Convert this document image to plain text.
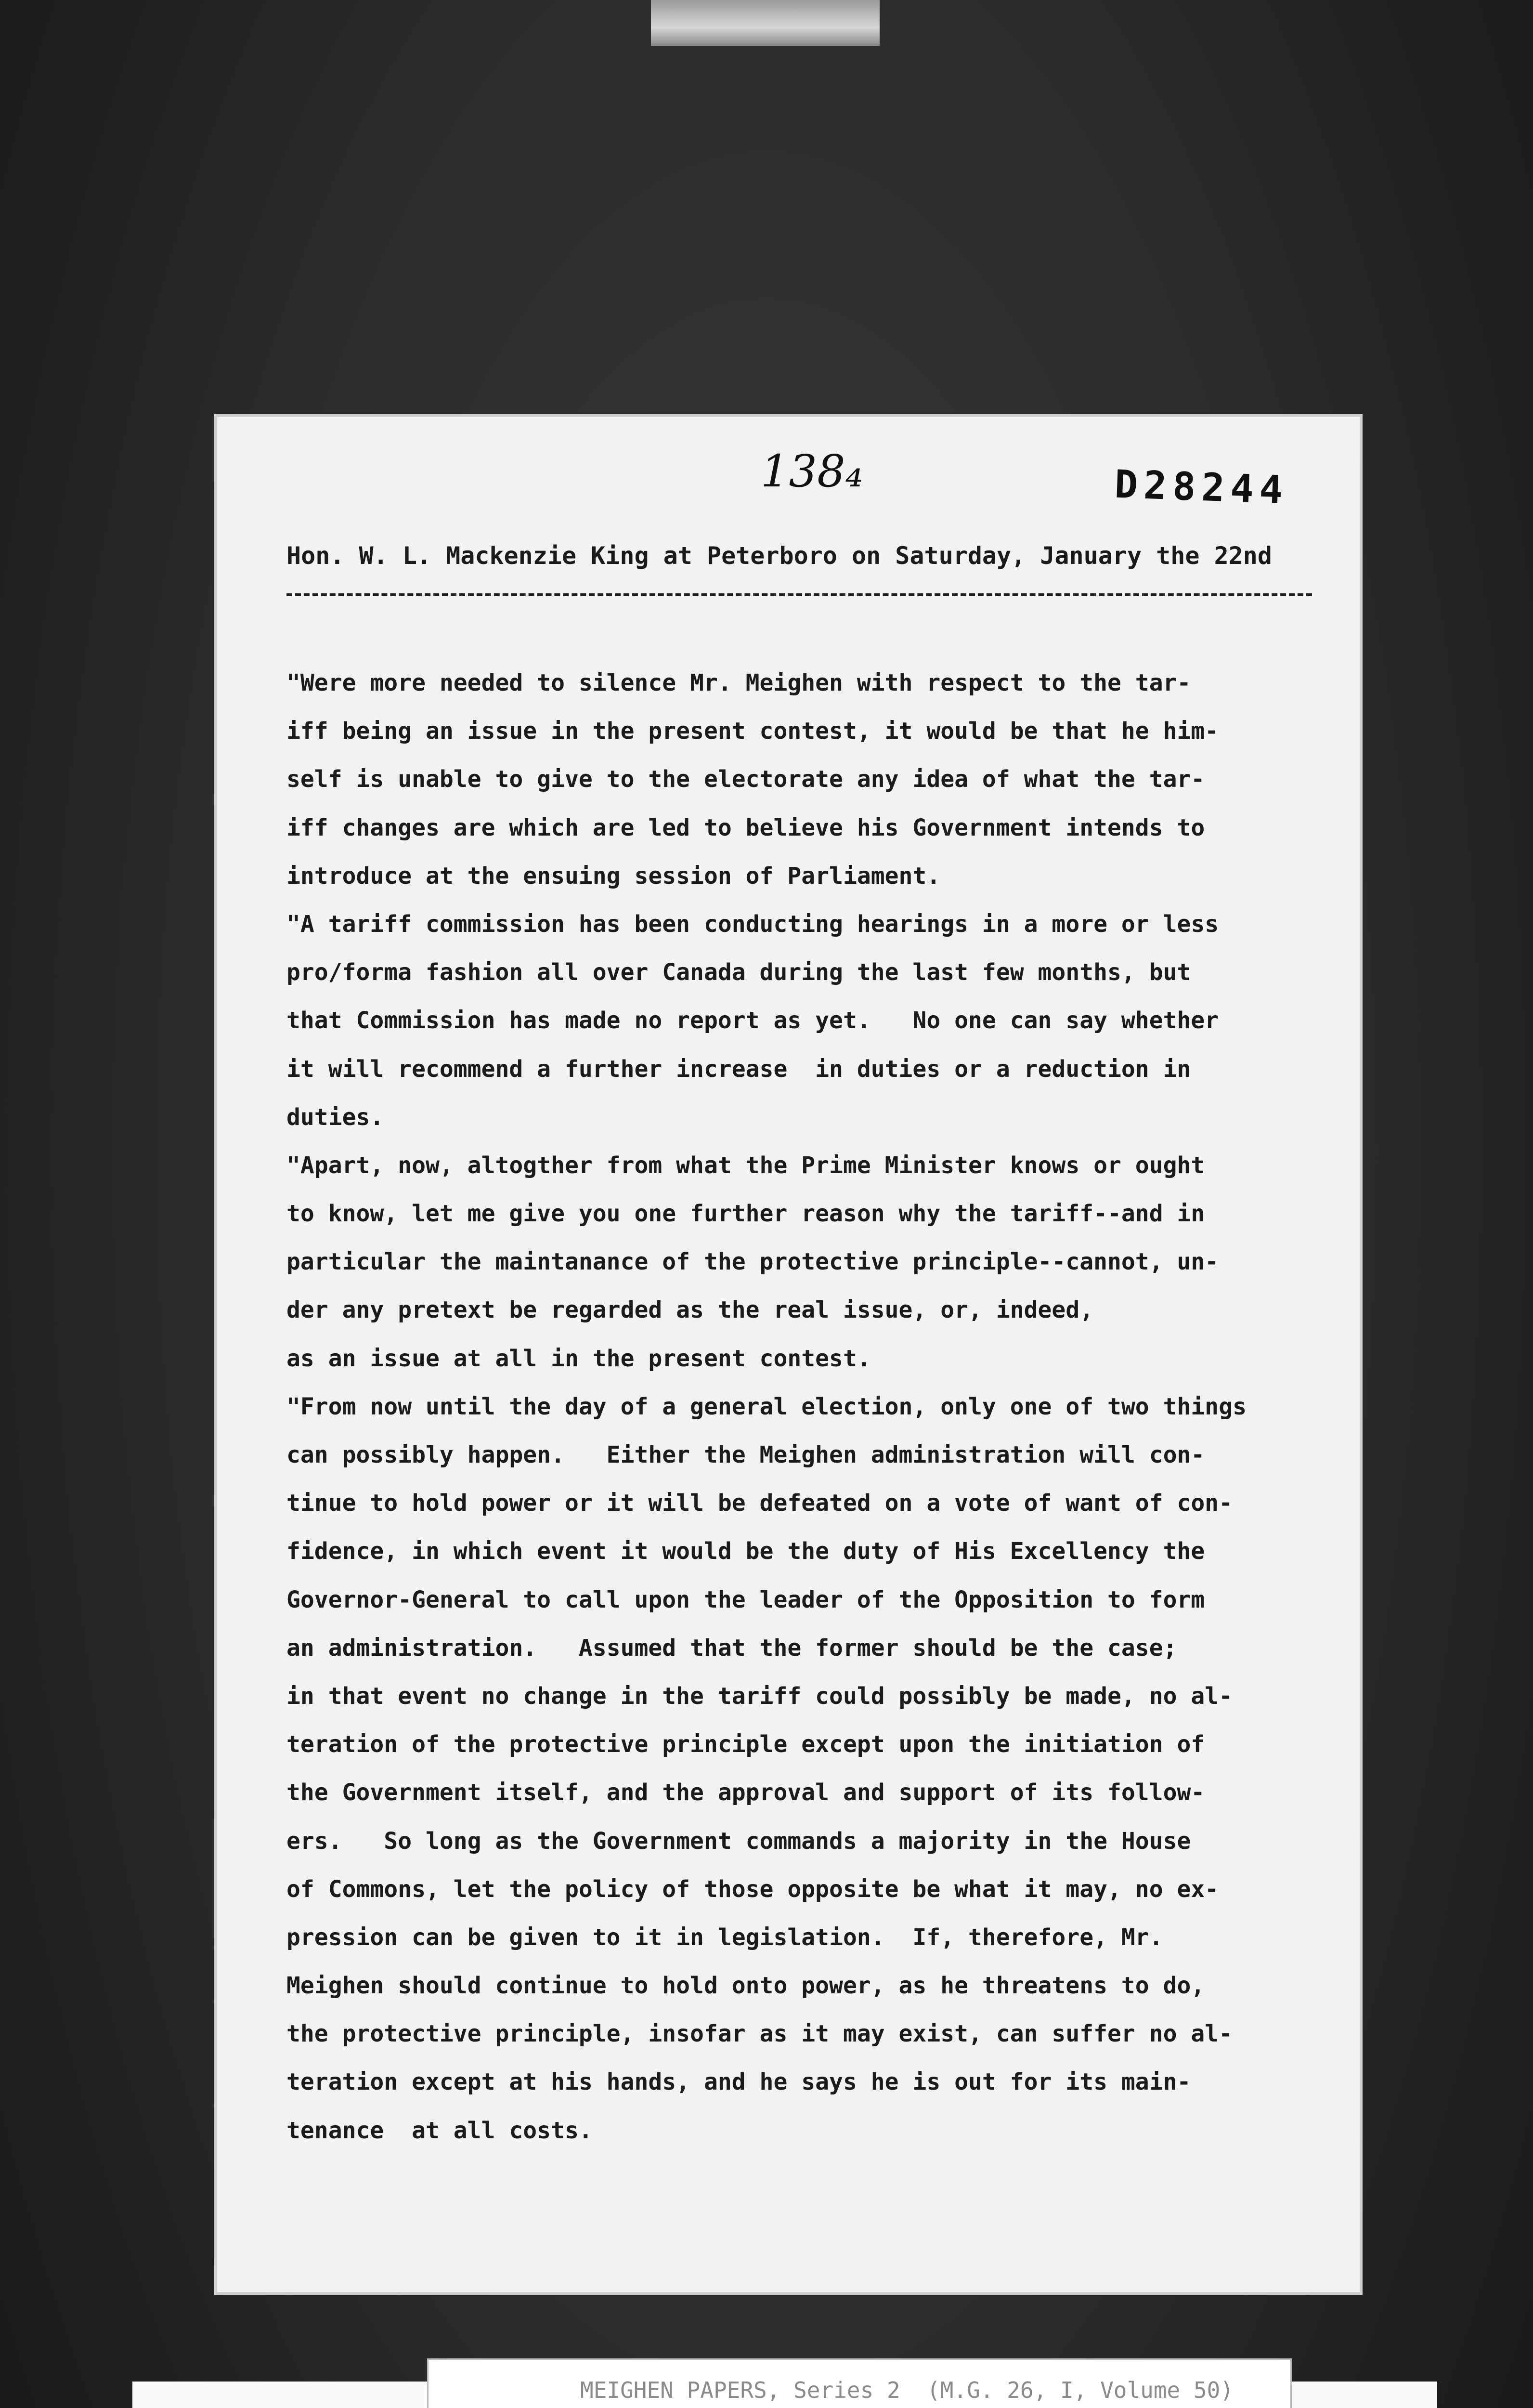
138₄	D28244
Hon. W. L. Mackenzie King at Peterboro on Saturday, January the 22nd
"Were more needed to silence Mr. Meighen with respect to the tar-
iff being an issue in the present contest, it would be that he him-
self is unable to give to the electorate any idea of what the tar-
iff changes are which are led to believe his Government intends to
introduce at the ensuing session of Parliament.
"A tariff commission has been conducting hearings in a more or less
pro/forma fashion all over Canada during the last few months, but
that Commission has made no report as yet.   No one can say whether
it will recommend a further increase  in duties or a reduction in
duties.
"Apart, now, altogther from what the Prime Minister knows or ought
to know, let me give you one further reason why the tariff--and in
particular the maintanance of the protective principle--cannot, un-
der any pretext be regarded as the real issue, or, indeed,
as an issue at all in the present contest.
"From now until the day of a general election, only one of two things
can possibly happen.   Either the Meighen administration will con-
tinue to hold power or it will be defeated on a vote of want of con-
fidence, in which event it would be the duty of His Excellency the
Governor-General to call upon the leader of the Opposition to form
an administration.   Assumed that the former should be the case;
in that event no change in the tariff could possibly be made, no al-
teration of the protective principle except upon the initiation of
the Government itself, and the approval and support of its follow-
ers.   So long as the Government commands a majority in the House
of Commons, let the policy of those opposite be what it may, no ex-
pression can be given to it in legislation.  If, therefore, Mr.
Meighen should continue to hold onto power, as he threatens to do,
the protective principle, insofar as it may exist, can suffer no al-
teration except at his hands, and he says he is out for its main-
tenance  at all costs.
MEIGHEN PAPERS, Series 2  (M.G. 26, I, Volume 50)
